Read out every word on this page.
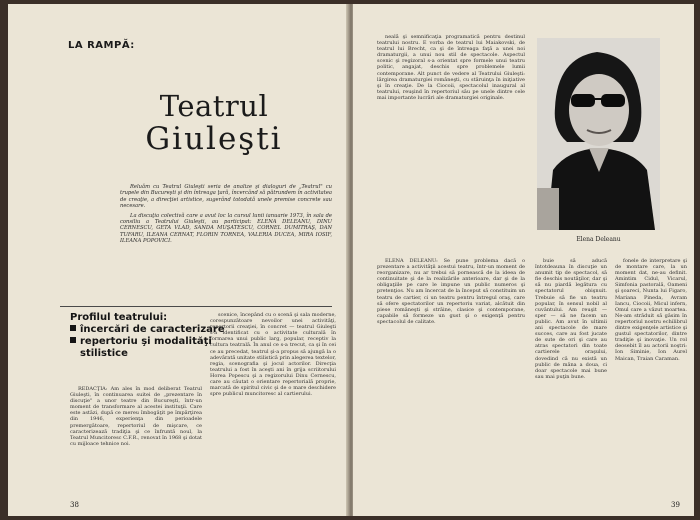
LA RAMPĂ:
Teatrul
Giuleşti

Reluăm cu Teatrul Giuleşti seria de analize şi dialoguri de „Teatrul" cu trupele din Bucureşti şi din întreaga ţară, încercând să pătrundem în activitatea de creaţie, a direcţiei artistice, sugerând totodată unele premise concrete sau necesare.

La discuţia colectivă care a avut loc la cursul lunii ianuarie 1973, în sala de consiliu a Teatrului Giuleşti, au participat: ELENA DELEANU, DINU CERNESCU, GETA VLAD, SANDA MUŞATESCU, CORNEL DUMITRAŞ, DAN TUFARU, ILEANA CERNAT, FLORIN TORNEA, VALERIA DUCEA, MIRA IOSIF, ILEANA POPOVICI.

Profilul teatrului:
încercări de caracterizare
repertoriu şi modalităţi
stilistice

REDACŢIA: Am ales în mod deliberat Teatrul Giuleşti, în continuarea suitei de „prezentare în discuţie" a unor teatre din Bucureşti, într-un moment de transformare al acestei instituţii. Care este astăzi, după ce mereu îmbogăţit pe împărţirea din 1946, experienţa din perioadele premergătoare, repertoriul de mişcare, ce caracterizează tradiţia şi ce înfruntă noul, la Teatrul Muncitoresc C.F.R., renovat în 1968 şi dotat cu mijloace tehnice noi.

scenice, începând cu o scenă şi sala moderne, corespunzătoare nevoilor unei activităţi, repertorii creaţiei, în concret — teatrul Giuleşti s-a identificat cu o activitate culturală în formarea unui public larg, popular, receptiv la cultura teatrală. În anul ce s-a trecut, ca şi în cei ce au precedat, teatrul şi-a propus să ajungă la o adevărată unitate stilistică prin alegerea textelor, regia, scenografia şi jocul actorilor. Direcţia teatrului a fost în aceşti ani în grija scriitorului Horea Popescu şi a regizorului Dinu Cernescu, care au căutat o orientare repertorială proprie, marcată de spiritul civic şi de o mare deschidere spre publicul muncitoresc al cartierului.

38

nealã şi semnificaţia programatică pentru destinul teatrului nostru. E vorba de teatrul lui Maiakovski, de teatrul lui Brecht, ca şi de întreaga faţă a unei noi dramaturgii, a unui nou stil de spectacole. Aspectul scenic şi regizoral s-a orientat spre formele unui teatru politic, angajat, deschis spre problemele lumii contemporane. Alt punct de vedere al Teatrului Giuleşti: lărgirea dramaturgiei româneşti, cu stăruinţa în iniţiative şi în creaţie. De la Ciocoii, spectacolul inaugural al teatrului, reuşind în repertoriul său pe unele dintre cele mai importante lucrări ale dramaturgiei originale.

ELENA DELEANU: Se pune problema dacă o prezentare a activităţii acestui teatru, într-un moment de reorganizare, nu ar trebui să pornească de la ideea de continuitate şi de la realizările anterioare, dar şi de la obligaţiile pe care le impune un public numeros şi pretenţios. Nu am încercat de la început să constituim un teatru de cartier, ci un teatru pentru întregul oraş, care să ofere spectatorilor un repertoriu variat, alcătuit din piese româneşti şi străine, clasice şi contemporane, capabile să formeze un gust şi o exigenţă pentru spectacolul de calitate.

buie să aducă întotdeauna în discuţie un anumit tip de spectacol, să fie deschis noutăţilor, dar şi să nu piardă legătura cu spectatorul obişnuit. Trebuie să fie un teatru popular, în sensul nobil al cuvântului. Am reuşit — sper — să ne facem un public. Am avut în ultimii ani spectacole de mare succes, care au fost jucate de sute de ori şi care au atras spectatori din toate cartierele oraşului, dovedind că nu există un public de mâna a doua, ci doar spectacole mai bune sau mai puţin bune.

fonele de interpretare şi de montare care, la un moment dat, ne-au definit. Amintim Cidul, Vicarul, Simfonia pastorală, Oameni şi şoareci, Nunta lui Figaro, Mariana Pineda, Avram Iancu, Ciocoii, Micul infern, Omul care a văzut moartea. Ne-am străduit să găsim în repertoriul nostru echilibrul dintre exigenţele artistice şi gustul spectatorilor, dintre tradiţie şi inovaţie. Un rol deosebit îl au actorii noştri: Ion Siminie, Ion Aurel Maican, Traian Caraman.

39
Elena Deleanu
